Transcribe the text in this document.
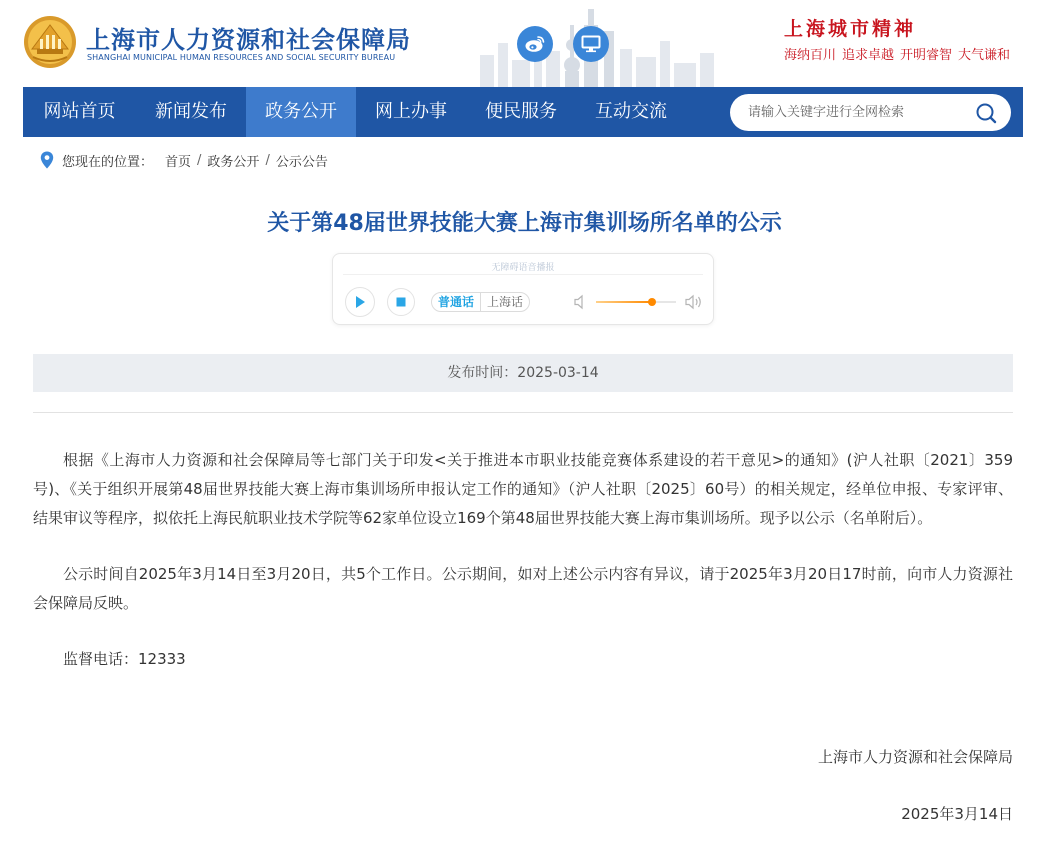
上海市人力资源和社会保障局
SHANGHAI MUNICIPAL HUMAN RESOURCES AND SOCIAL SECURITY BUREAU
上海城市精神
海纳百川 追求卓越 开明睿智 大气谦和
网站首页	新闻发布	政务公开	网上办事	便民服务	互动交流
请输入关键字进行全网检索
您现在的位置： 首页 / 政务公开 / 公示公告
关于第48届世界技能大赛上海市集训场所名单的公示
无障碍语音播报
普通话	上海话
发布时间：2025-03-14

根据《上海市人力资源和社会保障局等七部门关于印发<关于推进本市职业技能竞赛体系建设的若干意见>的通知》(沪人社职〔2021〕359号)、《关于组织开展第48届世界技能大赛上海市集训场所申报认定工作的通知》（沪人社职〔2025〕60号）的相关规定，经单位申报、专家评审、结果审议等程序，拟依托上海民航职业技术学院等62家单位设立169个第48届世界技能大赛上海市集训场所。现予以公示（名单附后）。

公示时间自2025年3月14日至3月20日，共5个工作日。公示期间，如对上述公示内容有异议，请于2025年3月20日17时前，向市人力资源社会保障局反映。

监督电话：12333

上海市人力资源和社会保障局
2025年3月14日
